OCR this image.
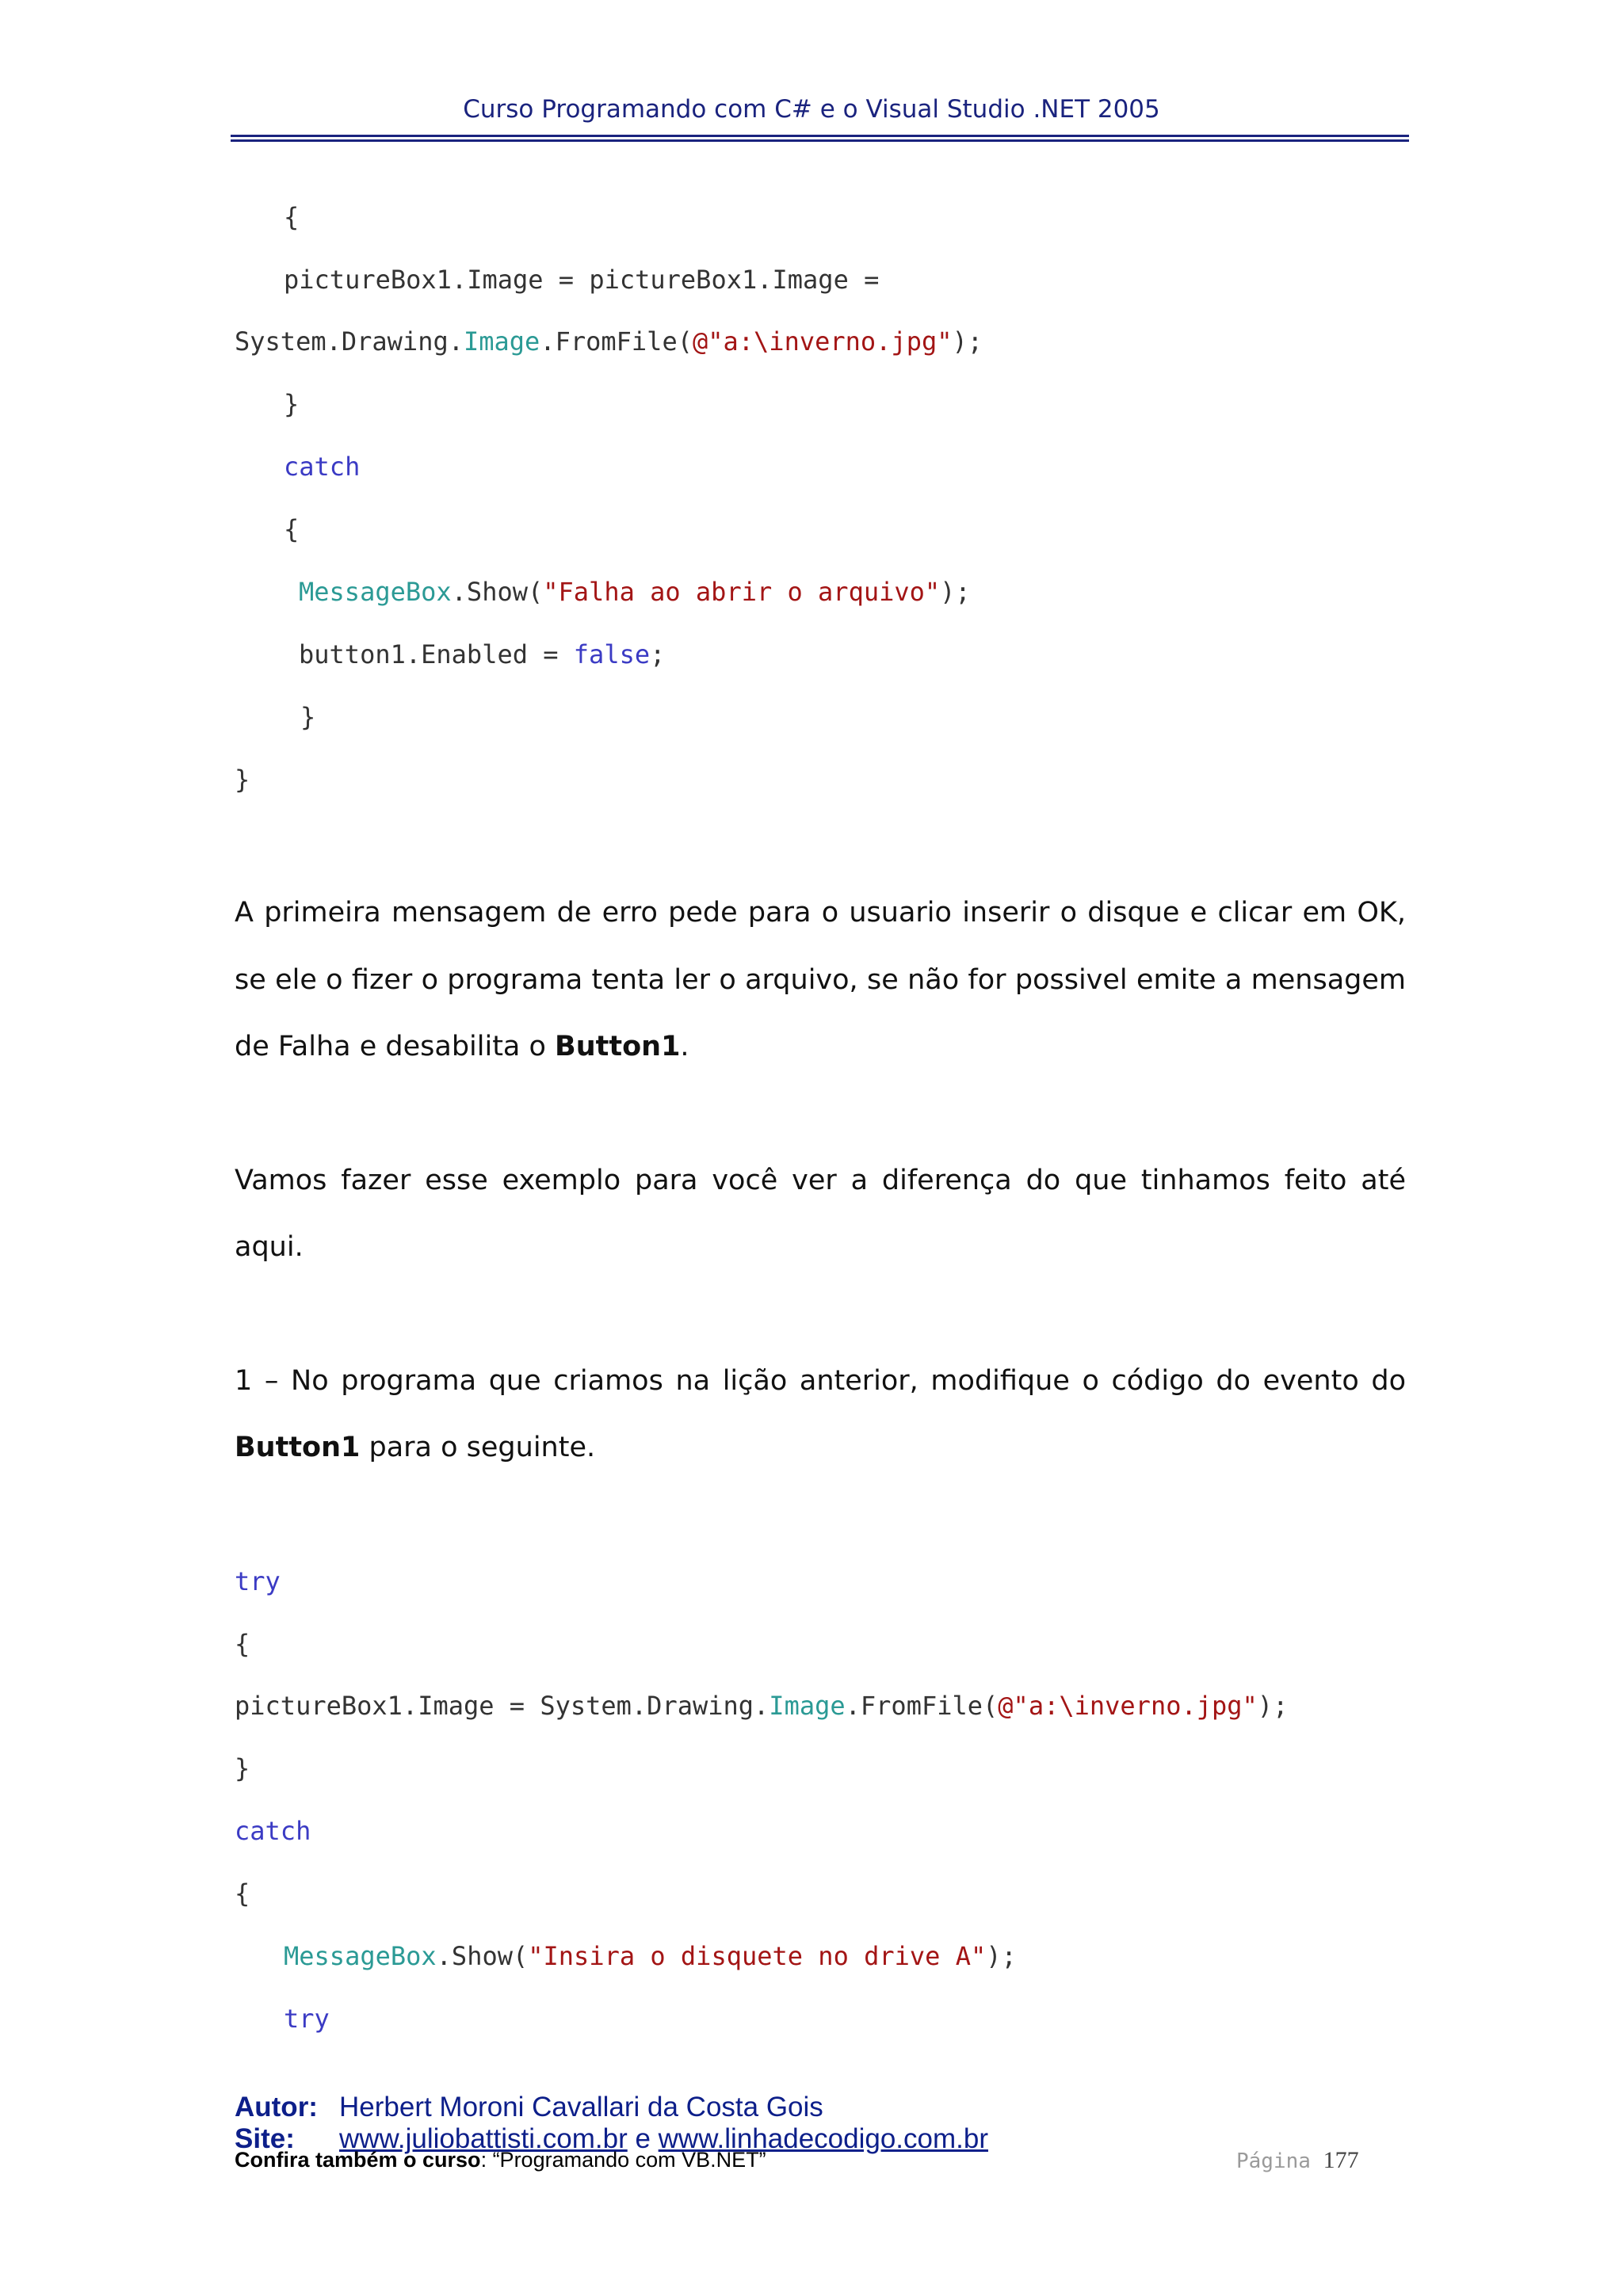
Curso Programando com C# e o Visual Studio .NET 2005
{
pictureBox1.Image = pictureBox1.Image =
System.Drawing.Image.FromFile(@"a:\inverno.jpg");
}
catch
{
MessageBox.Show("Falha ao abrir o arquivo");
button1.Enabled = false;
}
}
A primeira mensagem de erro pede para o usuario inserir o disque e clicar em OK,
se ele o fizer o programa tenta ler o arquivo, se não for possivel emite a mensagem
de Falha e desabilita o Button1.
Vamos fazer esse exemplo para você ver a diferença do que tinhamos feito até
aqui.
1 – No programa que criamos na lição anterior, modifique o código do evento do
Button1 para o seguinte.
try
{
pictureBox1.Image = System.Drawing.Image.FromFile(@"a:\inverno.jpg");
}
catch
{
MessageBox.Show("Insira o disquete no drive A");
try
Autor: Herbert Moroni Cavallari da Costa Gois
Site: www.juliobattisti.com.br e www.linhadecodigo.com.br
Confira também o curso: “Programando com VB.NET”	Página 177
